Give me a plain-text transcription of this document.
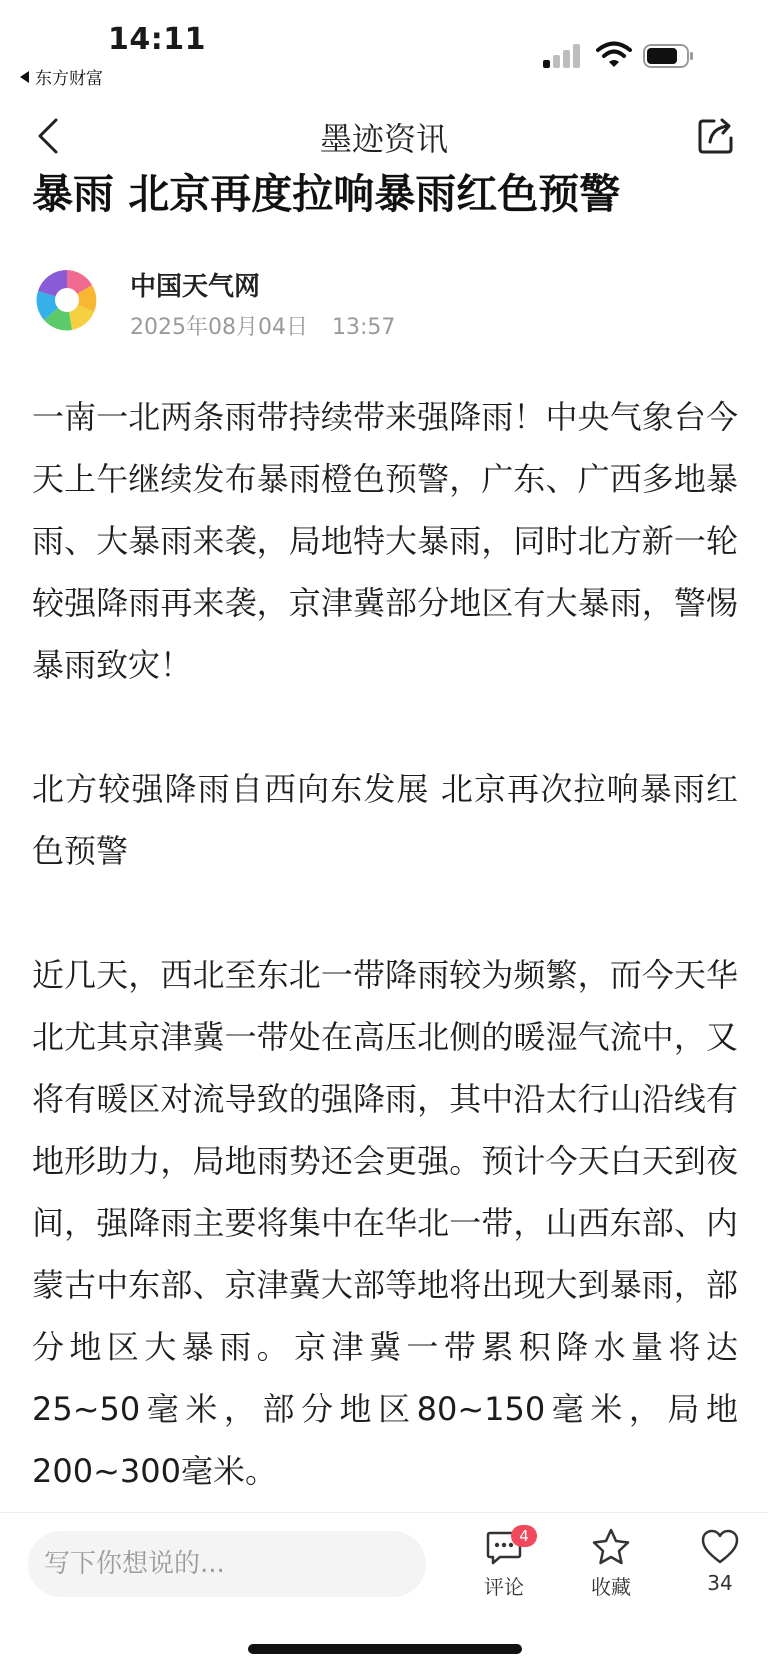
14:11
东方财富
墨迹资讯
暴雨 北京再度拉响暴雨红色预警
中国天气网
2025年08月04日 13:57

一南一北两条雨带持续带来强降雨！中央气象台今天上午继续发布暴雨橙色预警，广东、广西多地暴雨、大暴雨来袭，局地特大暴雨，同时北方新一轮较强降雨再来袭，京津冀部分地区有大暴雨，警惕暴雨致灾！

北方较强降雨自西向东发展 北京再次拉响暴雨红色预警

近几天，西北至东北一带降雨较为频繁，而今天华北尤其京津冀一带处在高压北侧的暖湿气流中，又将有暖区对流导致的强降雨，其中沿太行山沿线有地形助力，局地雨势还会更强。预计今天白天到夜间，强降雨主要将集中在华北一带，山西东部、内蒙古中东部、京津冀大部等地将出现大到暴雨，部分地区大暴雨。京津冀一带累积降水量将达25~50毫米，部分地区80~150毫米，局地200~300毫米。

写下你想说的...
4
评论	收藏	34
